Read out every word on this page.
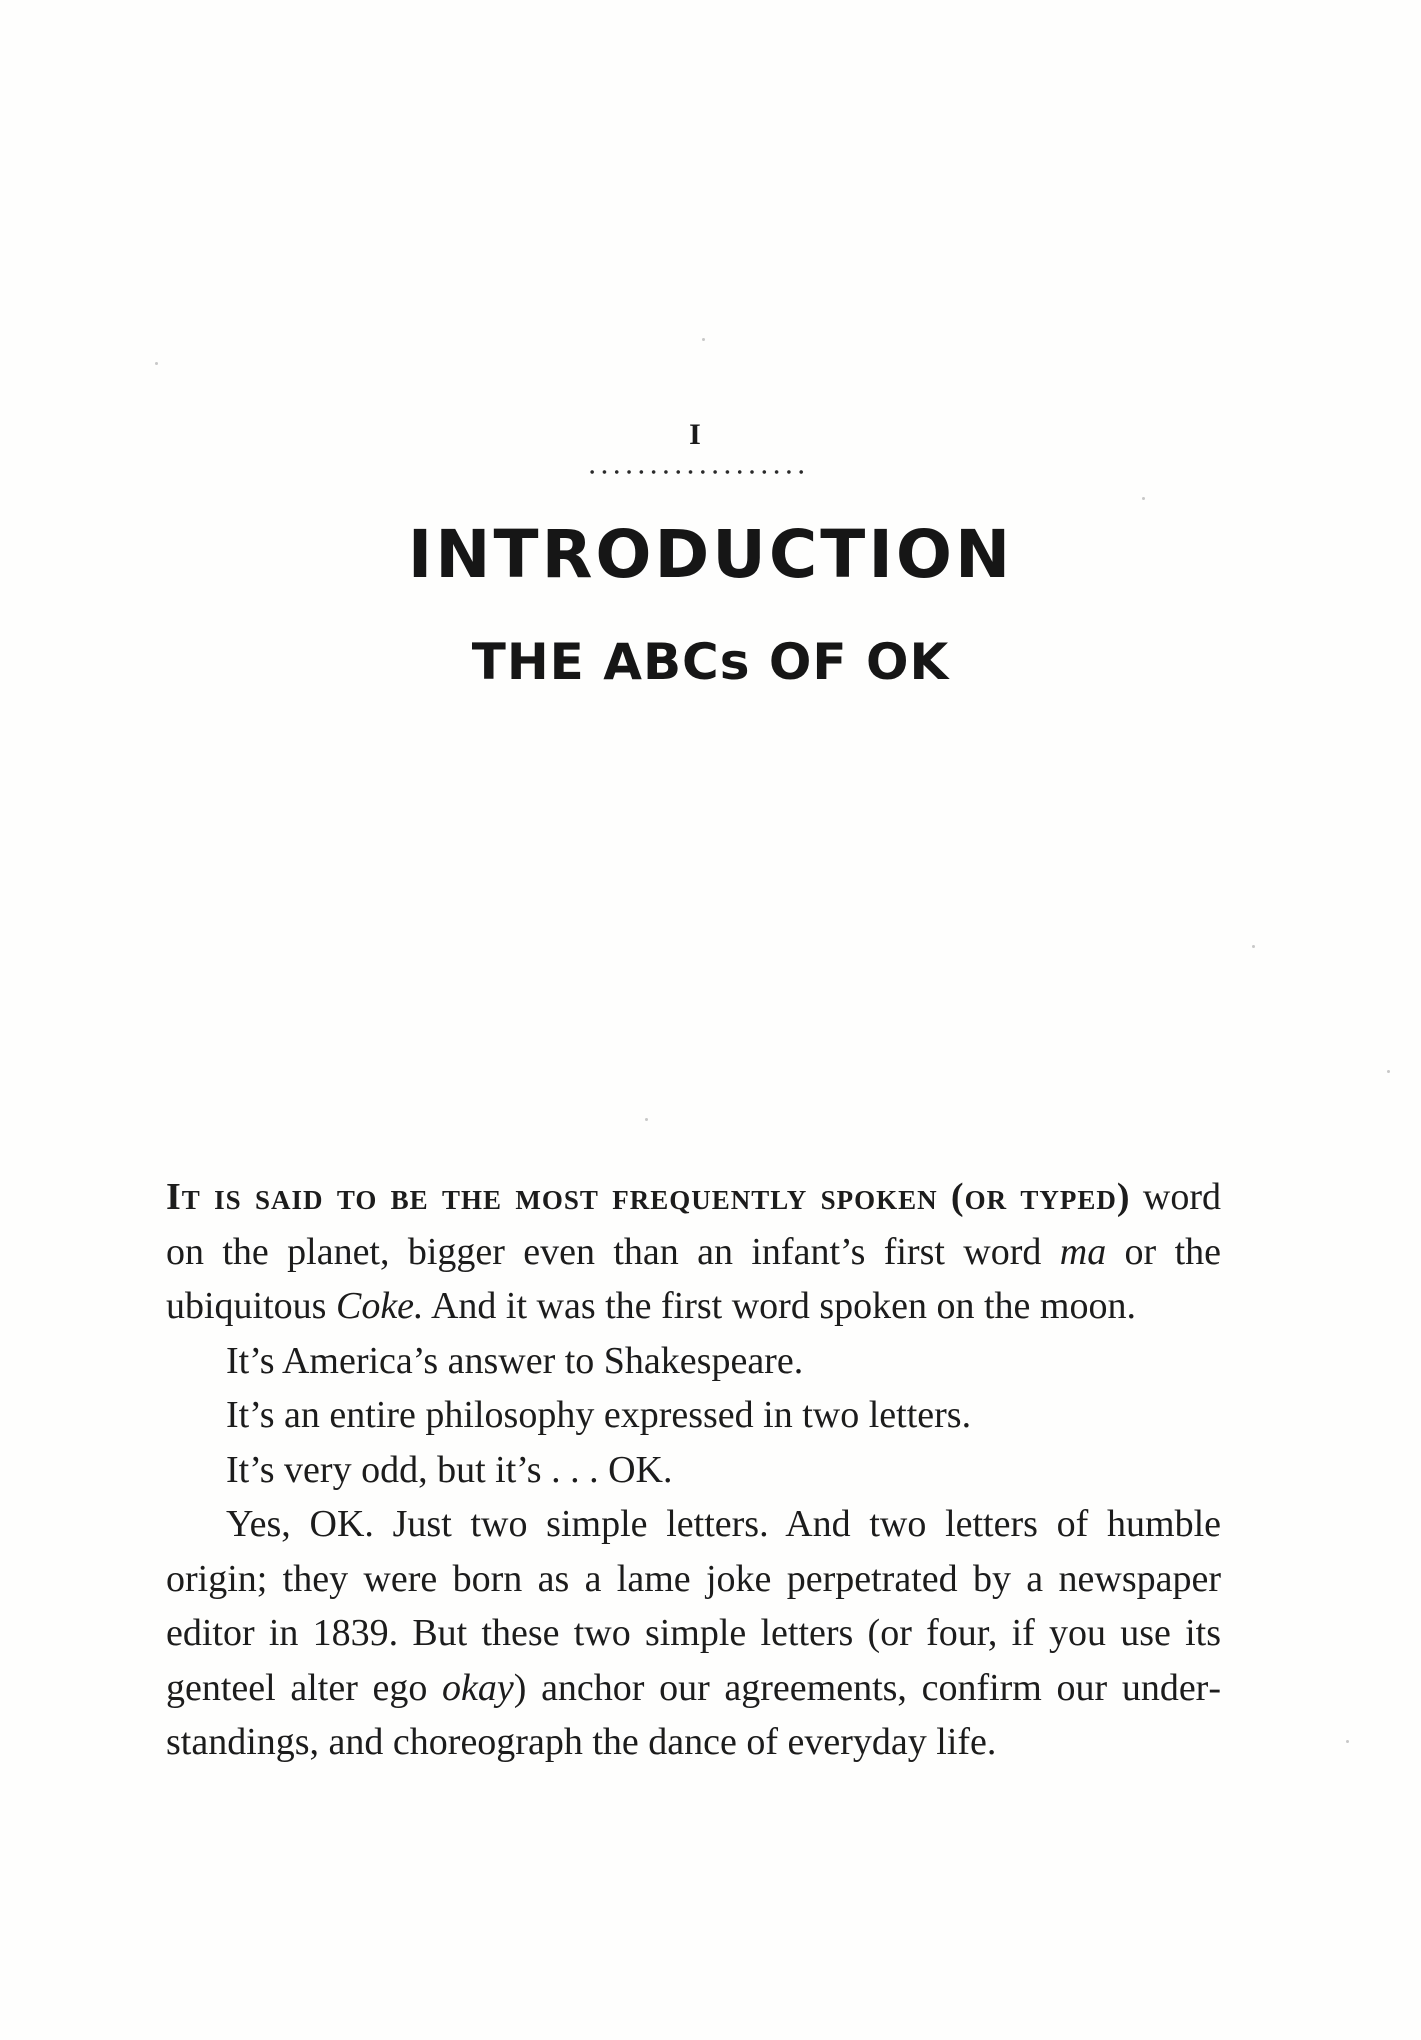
I
INTRODUCTION
THE ABCs OF OK

It is said to be the most frequently spoken (or typed) word on the planet, bigger even than an infant’s first word ma or the ubiquitous Coke. And it was the first word spoken on the moon.

It’s America’s answer to Shakespeare.

It’s an entire philosophy expressed in two letters.

It’s very odd, but it’s . . . OK.

Yes, OK. Just two simple letters. And two letters of humble origin; they were born as a lame joke perpetrated by a newspaper editor in 1839. But these two simple letters (or four, if you use its genteel alter ego okay) anchor our agreements, confirm our understandings, and choreograph the dance of everyday life.
